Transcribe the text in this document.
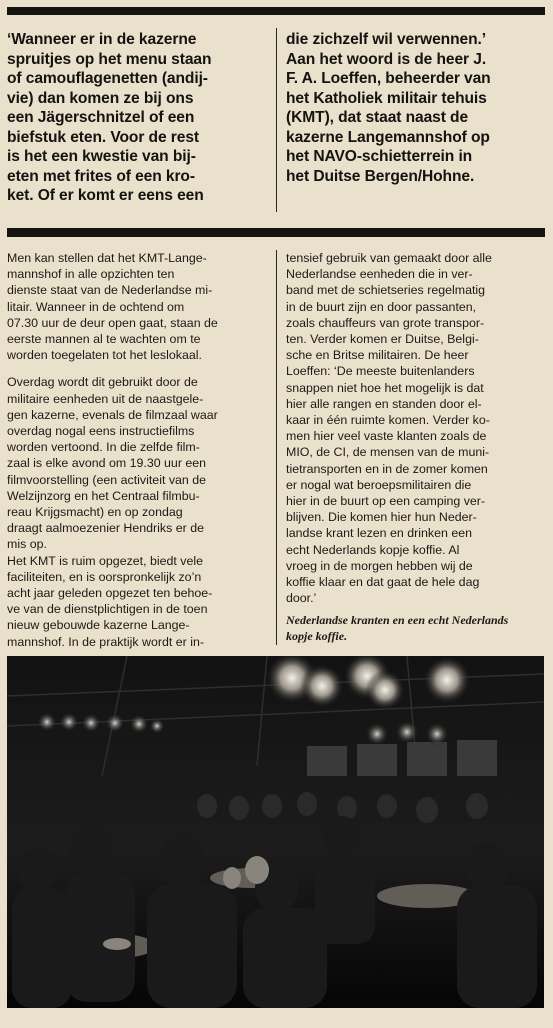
‘Wanneer er in de kazerne

spruitjes op het menu staan

of camouflagenetten (andij-

vie) dan komen ze bij ons

een Jägerschnitzel of een

biefstuk eten. Voor de rest

is het een kwestie van bij-

eten met frites of een kro-

ket. Of er komt er eens een

die zichzelf wil verwennen.’

Aan het woord is de heer J.

F. A. Loeffen, beheerder van

het Katholiek militair tehuis

(KMT), dat staat naast de

kazerne Langemannshof op

het NAVO-schietterrein in

het Duitse Bergen/Hohne.

Men kan stellen dat het KMT-Lange-

mannshof in alle opzichten ten

dienste staat van de Nederlandse mi-

litair. Wanneer in de ochtend om

07.30 uur de deur open gaat, staan de

eerste mannen al te wachten om te

worden toegelaten tot het leslokaal.

Overdag wordt dit gebruikt door de

militaire eenheden uit de naastgele-

gen kazerne, evenals de filmzaal waar

overdag nogal eens instructiefilms

worden vertoond. In die zelfde film-

zaal is elke avond om 19.30 uur een

filmvoorstelling (een activiteit van de

Welzijnzorg en het Centraal filmbu-

reau Krijgsmacht) en op zondag

draagt aalmoezenier Hendriks er de

mis op.

Het KMT is ruim opgezet, biedt vele

faciliteiten, en is oorspronkelijk zo’n

acht jaar geleden opgezet ten behoe-

ve van de dienstplichtigen in de toen

nieuw gebouwde kazerne Lange-

mannshof. In de praktijk wordt er in-

tensief gebruik van gemaakt door alle

Nederlandse eenheden die in ver-

band met de schietseries regelmatig

in de buurt zijn en door passanten,

zoals chauffeurs van grote transpor-

ten. Verder komen er Duitse, Belgi-

sche en Britse militairen. De heer

Loeffen: ‘De meeste buitenlanders

snappen niet hoe het mogelijk is dat

hier alle rangen en standen door el-

kaar in één ruimte komen. Verder ko-

men hier veel vaste klanten zoals de

MIO, de CI, de mensen van de muni-

tietransporten en in de zomer komen

er nogal wat beroepsmilitairen die

hier in de buurt op een camping ver-

blijven. Die komen hier hun Neder-

landse krant lezen en drinken een

echt Nederlands kopje koffie. Al

vroeg in de morgen hebben wij de

koffie klaar en dat gaat de hele dag

door.’

Nederlandse kranten en een echt Nederlands

kopje koffie.
